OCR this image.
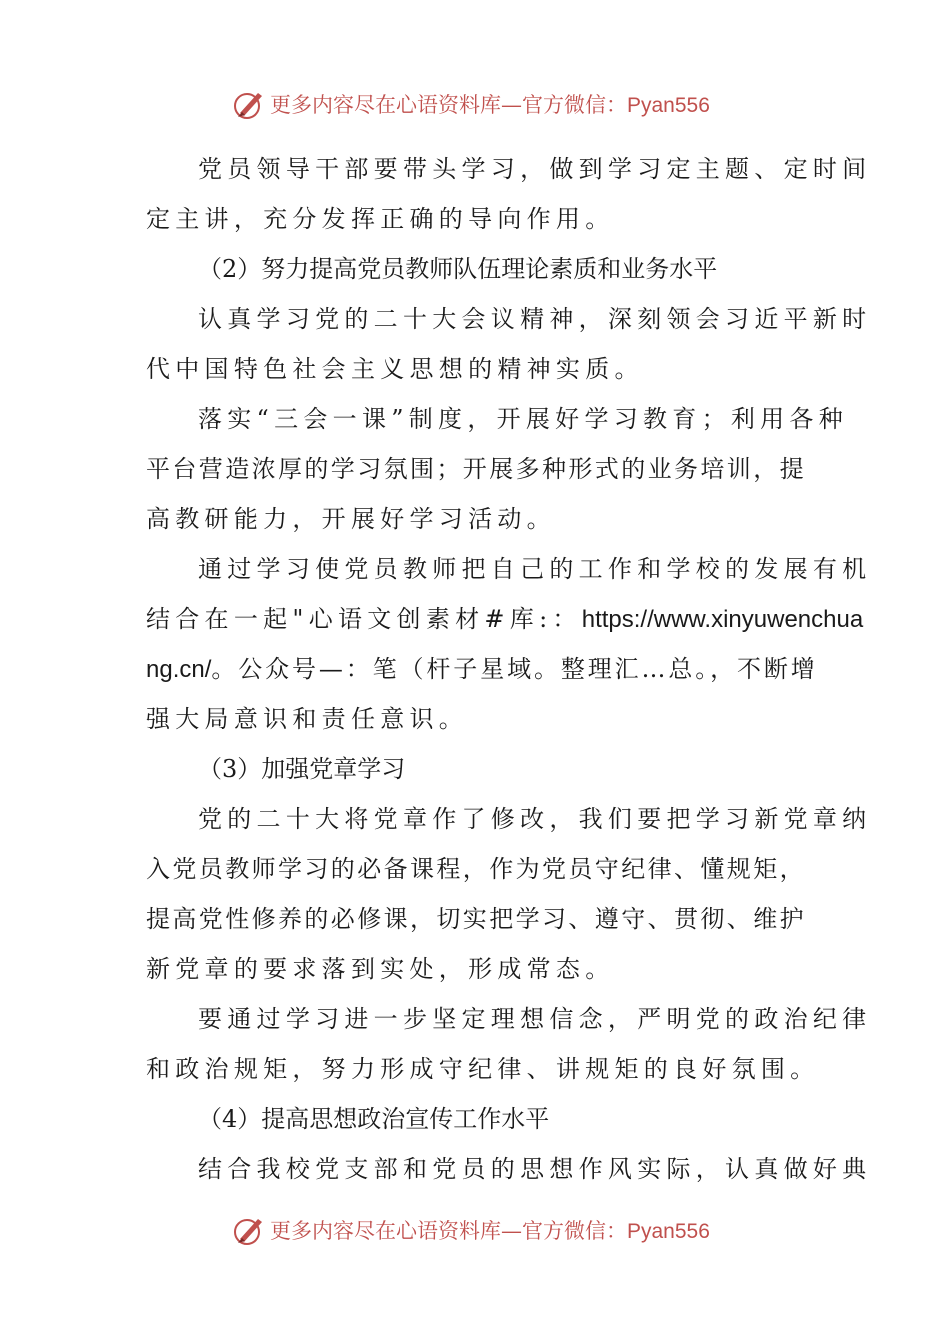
更多内容尽在心语资料库—官方微信：Pyan556
党员领导干部要带头学习，做到学习定主题、定时间
定主讲，充分发挥正确的导向作用。
（2）努力提高党员教师队伍理论素质和业务水平
认真学习党的二十大会议精神，深刻领会习近平新时
代中国特色社会主义思想的精神实质。
落实“三会一课”制度，开展好学习教育；利用各种
平台营造浓厚的学习氛围；开展多种形式的业务培训，提
高教研能力，开展好学习活动。
通过学习使党员教师把自己的工作和学校的发展有机
结合在一起"心语文创素材#库:：https://www.xinyuwenchua
ng.cn/。公众号—：笔（杆子星域。整理汇…总。，不断增
强大局意识和责任意识。
（3）加强党章学习
党的二十大将党章作了修改，我们要把学习新党章纳
入党员教师学习的必备课程，作为党员守纪律、懂规矩，
提高党性修养的必修课，切实把学习、遵守、贯彻、维护
新党章的要求落到实处，形成常态。
要通过学习进一步坚定理想信念，严明党的政治纪律
和政治规矩，努力形成守纪律、讲规矩的良好氛围。
（4）提高思想政治宣传工作水平
结合我校党支部和党员的思想作风实际，认真做好典
更多内容尽在心语资料库—官方微信：Pyan556
